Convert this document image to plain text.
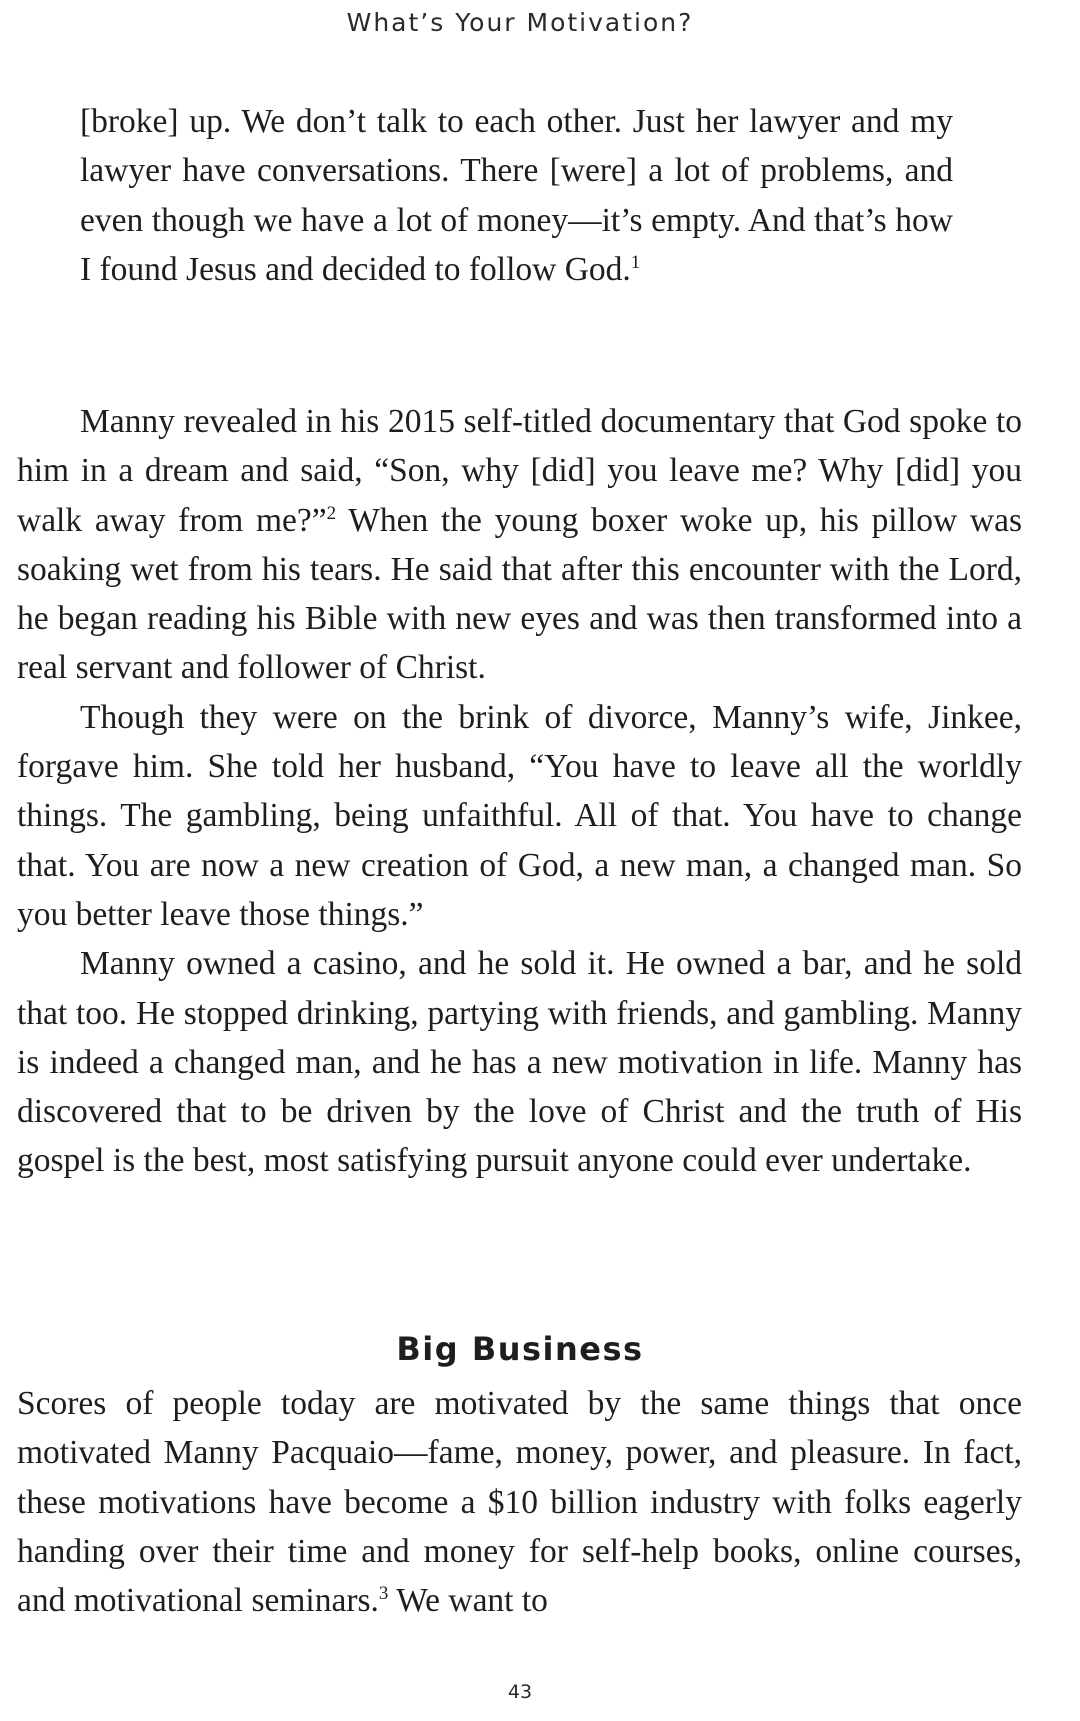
What’s Your Motivation?

[broke] up. We don’t talk to each other. Just her lawyer and my lawyer have conversations. There [were] a lot of problems, and even though we have a lot of money—it’s empty. And that’s how I found Jesus and decided to follow God.$^1$

Manny revealed in his 2015 self-titled documentary that God spoke to him in a dream and said, “Son, why [did] you leave me? Why [did] you walk away from me?”$^2$ When the young boxer woke up, his pillow was soaking wet from his tears. He said that after this encounter with the Lord, he began reading his Bible with new eyes and was then transformed into a real servant and follower of Christ.

Though they were on the brink of divorce, Manny’s wife, Jinkee, forgave him. She told her husband, “You have to leave all the worldly things. The gambling, being unfaithful. All of that. You have to change that. You are now a new creation of God, a new man, a changed man. So you better leave those things.”

Manny owned a casino, and he sold it. He owned a bar, and he sold that too. He stopped drinking, partying with friends, and gambling. Manny is indeed a changed man, and he has a new motivation in life. Manny has discovered that to be driven by the love of Christ and the truth of His gospel is the best, most satisfying pursuit anyone could ever undertake.

Big Business

Scores of people today are motivated by the same things that once motivated Manny Pacquaio—fame, money, power, and pleasure. In fact, these motivations have become a $10 billion industry with folks eagerly handing over their time and money for self-help books, online courses, and motivational seminars.$^3$ We want to

43
